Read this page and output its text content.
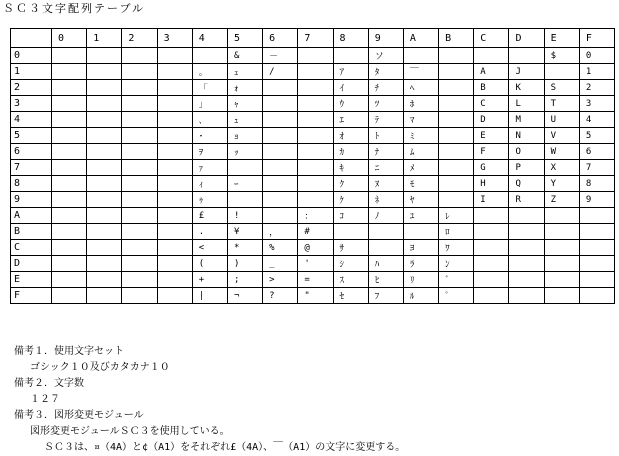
ＳＣ３文字配列テーブル
	0	1	2	3	4	5	6	7	8	9	A	B	C	D	E	F
0						&	－			ソ					$	0
1					。	ｪ	/		ｱ	ﾀ	￣		A	J		1
2					「	ｫ			ｲ	ﾁ	ﾍ		B	K	S	2
3					」	ｬ			ｳ	ﾂ	ﾎ		C	L	T	3
4					､	ｭ			ｴ	ﾃ	ﾏ		D	M	U	4
5					･	ｮ			ｵ	ﾄ	ﾐ		E	N	V	5
6					ｦ	ｯ			ｶ	ﾅ	ﾑ		F	O	W	6
7					ｧ				ｷ	ﾆ	ﾒ		G	P	X	7
8					ｨ	ｰ			ｸ	ﾇ	ﾓ		H	Q	Y	8
9					ｩ				ｹ	ﾈ	ﾔ		I	R	Z	9
A					£	!		：	ｺ	ﾉ	ﾕ	ﾚ				
B					.	¥	，	#				ﾛ				
C					<	*	%	@	ｻ		ﾖ	ﾜ				
D					(	)	_	'	ｼ	ﾊ	ﾗ	ﾝ				
E					+	;	>	=	ｽ	ﾋ	ﾘ	ﾞ				
F					|	¬	?	"	ｾ	ﾌ	ﾙ	ﾟ				
備考１．使用文字セット
ゴシック１０及びカタカナ１０
備考２．文字数
１２７
備考３．図形変更モジュール
図形変更モジュールＳＣ３を使用している。
ＳＣ３は、¤（4A）と¢（A1）をそれぞれ£（4A）、￣（A1）の文字に変更する。
